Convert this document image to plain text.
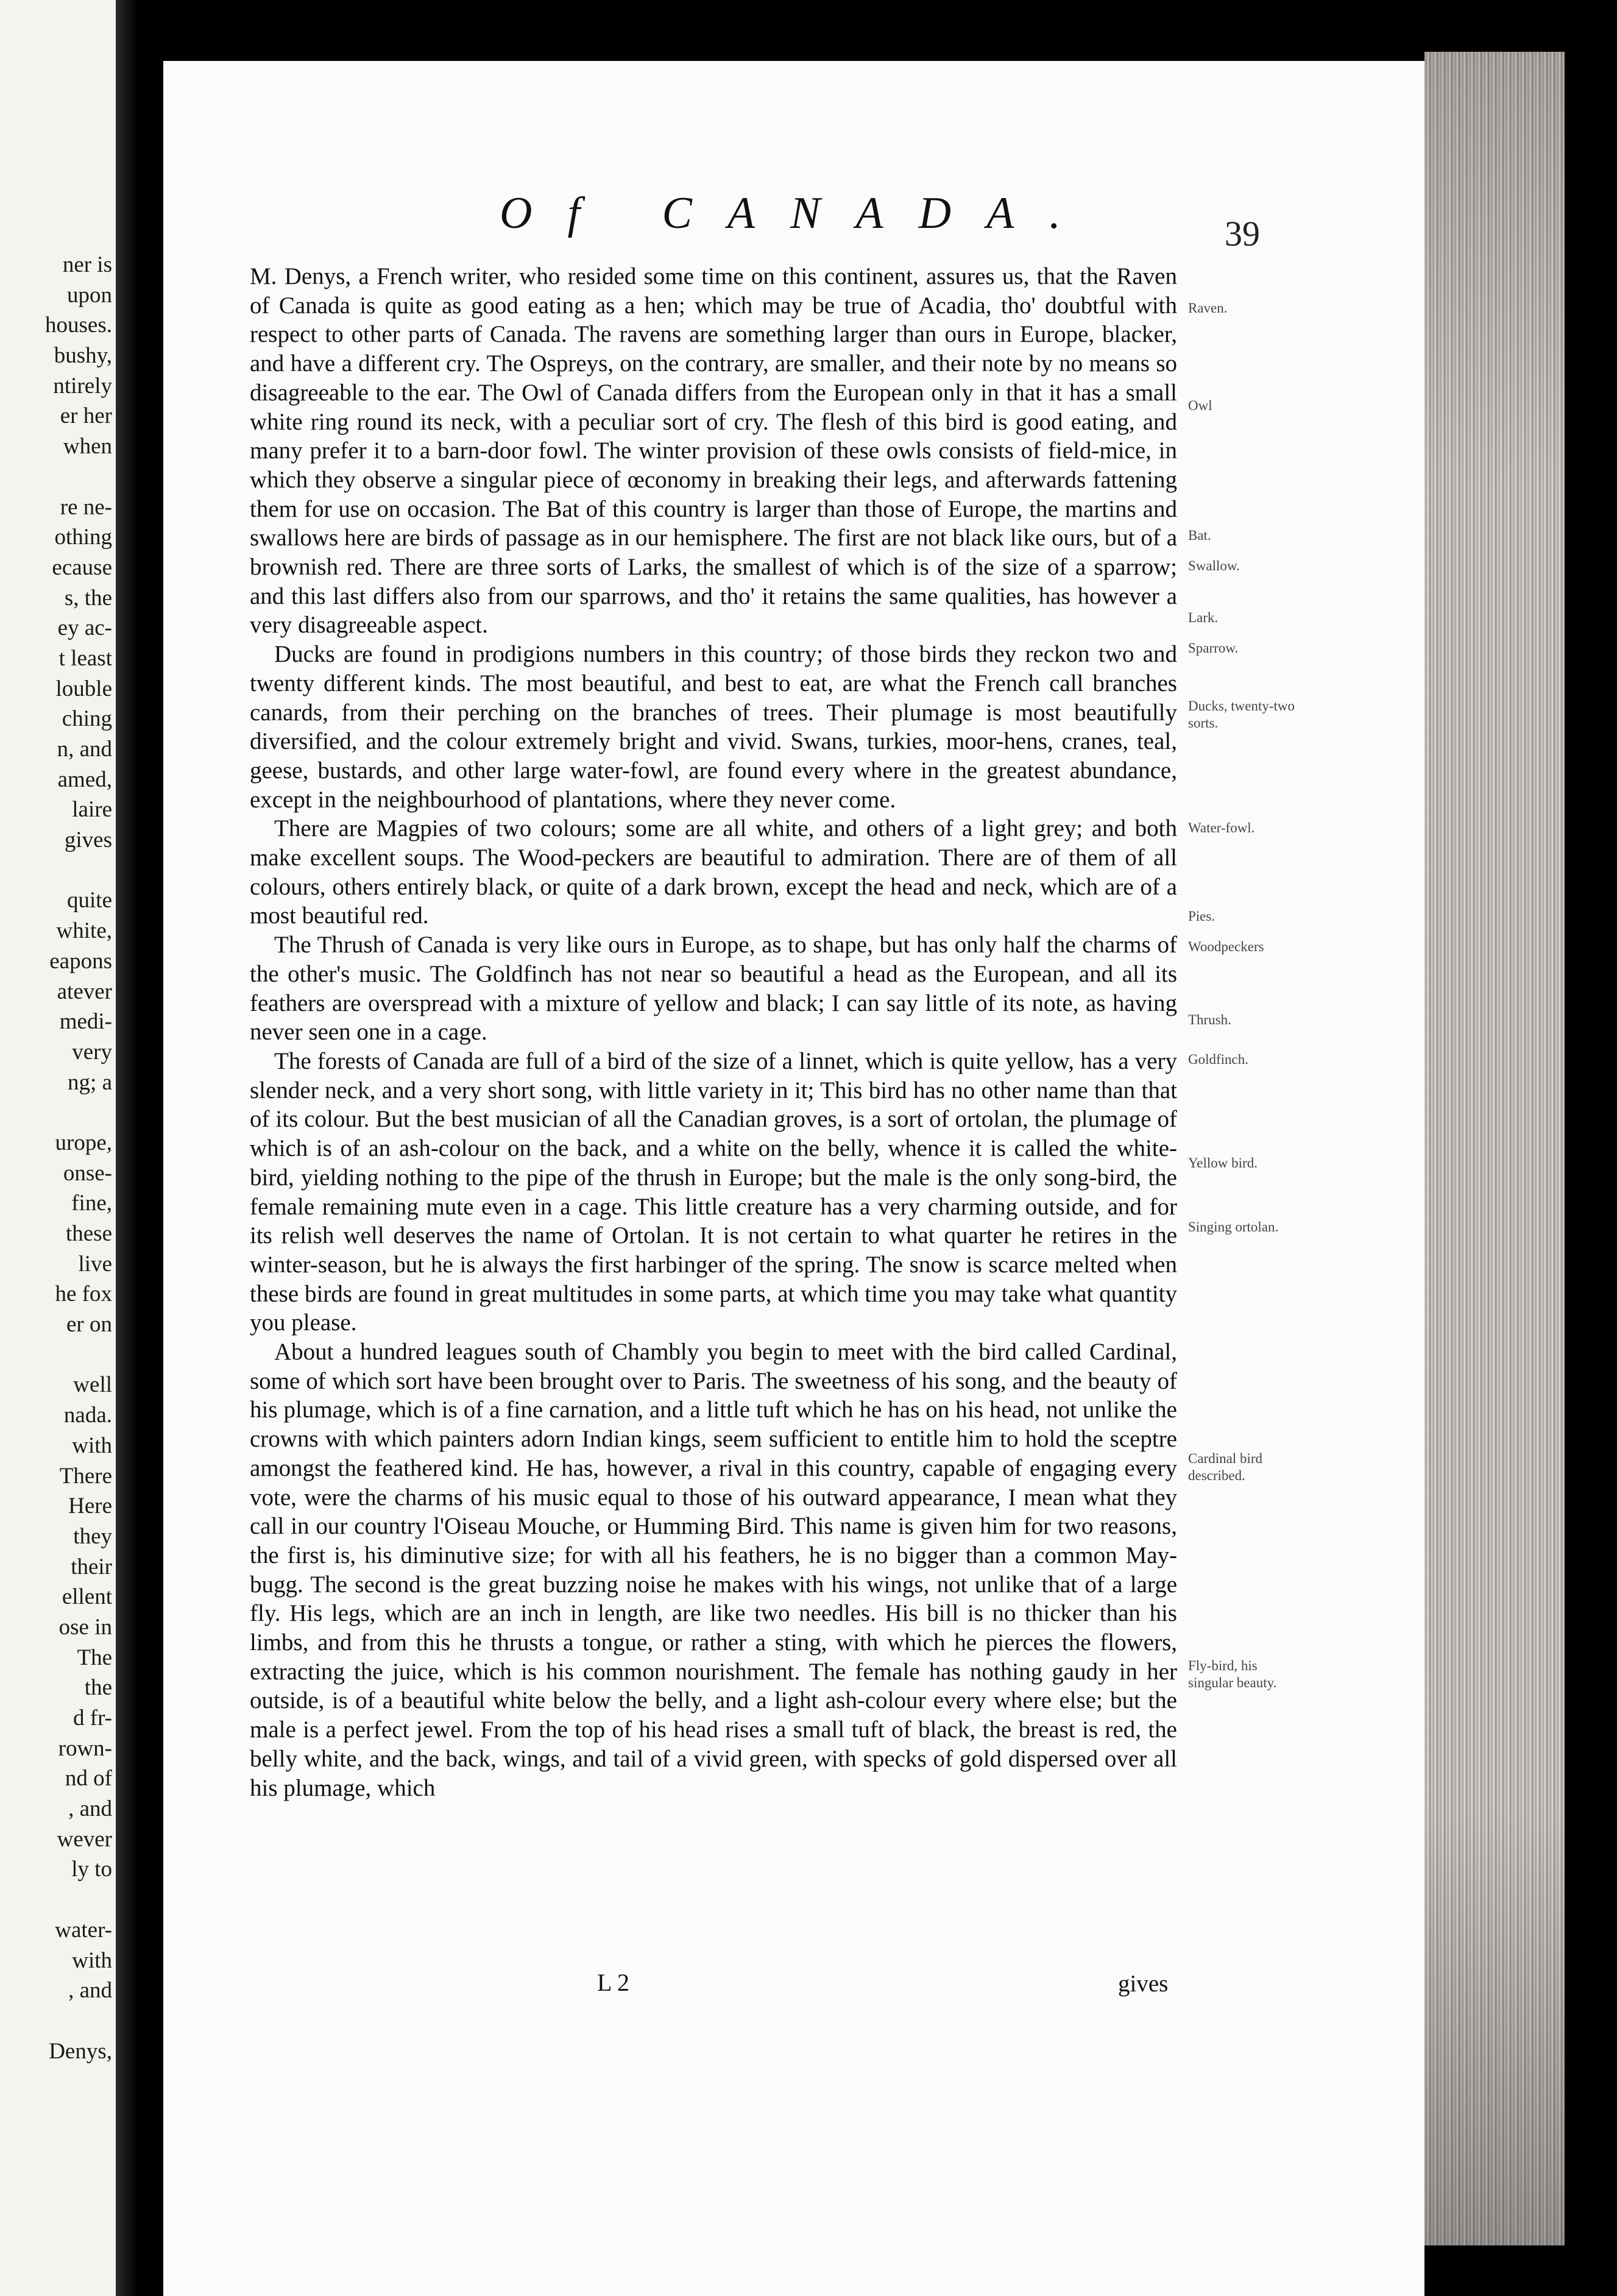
ner is
upon
houses.
bushy,
ntirely
er her
when
re ne-
othing
ecause
s, the
ey ac-
t least
louble
ching
n, and
amed,
laire
gives
quite
white,
eapons
atever
medi-
very
ng; a
urope,
onse-
fine,
these
live
he fox
er on
well
nada.
with
There
Here
they
their
ellent
ose in
The
the
d fr-
rown-
nd of
, and
wever
ly to
water-
with
, and
Denys,
Of CANADA.	39

M. Denys, a French writer, who resided some time on this continent, assures us, that the Raven of Canada is quite as good eating as a hen; which may be true of Acadia, tho' doubtful with respect to other parts of Canada. The ravens are something larger than ours in Europe, blacker, and have a different cry. The Ospreys, on the contrary, are smaller, and their note by no means so disagreeable to the ear. The Owl of Canada differs from the European only in that it has a small white ring round its neck, with a peculiar sort of cry. The flesh of this bird is good eating, and many prefer it to a barn-door fowl. The winter provision of these owls consists of field-mice, in which they observe a singular piece of œconomy in breaking their legs, and afterwards fattening them for use on occasion. The Bat of this country is larger than those of Europe, the martins and swallows here are birds of passage as in our hemisphere. The first are not black like ours, but of a brownish red. There are three sorts of Larks, the smallest of which is of the size of a sparrow; and this last differs also from our sparrows, and tho' it retains the same qualities, has however a very disagreeable aspect.

Ducks are found in prodigions numbers in this country; of those birds they reckon two and twenty different kinds. The most beautiful, and best to eat, are what the French call branches canards, from their perching on the branches of trees. Their plumage is most beautifully diversified, and the colour extremely bright and vivid. Swans, turkies, moor-hens, cranes, teal, geese, bustards, and other large water-fowl, are found every where in the greatest abundance, except in the neighbourhood of plantations, where they never come.

There are Magpies of two colours; some are all white, and others of a light grey; and both make excellent soups. The Wood-peckers are beautiful to admiration. There are of them of all colours, others entirely black, or quite of a dark brown, except the head and neck, which are of a most beautiful red.

The Thrush of Canada is very like ours in Europe, as to shape, but has only half the charms of the other's music. The Goldfinch has not near so beautiful a head as the European, and all its feathers are overspread with a mixture of yellow and black; I can say little of its note, as having never seen one in a cage.

The forests of Canada are full of a bird of the size of a linnet, which is quite yellow, has a very slender neck, and a very short song, with little variety in it; This bird has no other name than that of its colour. But the best musician of all the Canadian groves, is a sort of ortolan, the plumage of which is of an ash-colour on the back, and a white on the belly, whence it is called the white-bird, yielding nothing to the pipe of the thrush in Europe; but the male is the only song-bird, the female remaining mute even in a cage. This little creature has a very charming outside, and for its relish well deserves the name of Ortolan. It is not certain to what quarter he retires in the winter-season, but he is always the first harbinger of the spring. The snow is scarce melted when these birds are found in great multitudes in some parts, at which time you may take what quantity you please.

About a hundred leagues south of Chambly you begin to meet with the bird called Cardinal, some of which sort have been brought over to Paris. The sweetness of his song, and the beauty of his plumage, which is of a fine carnation, and a little tuft which he has on his head, not unlike the crowns with which painters adorn Indian kings, seem sufficient to entitle him to hold the sceptre amongst the feathered kind. He has, however, a rival in this country, capable of engaging every vote, were the charms of his music equal to those of his outward appearance, I mean what they call in our country l'Oiseau Mouche, or Humming Bird. This name is given him for two reasons, the first is, his diminutive size; for with all his feathers, he is no bigger than a common May-bugg. The second is the great buzzing noise he makes with his wings, not unlike that of a large fly. His legs, which are an inch in length, are like two needles. His bill is no thicker than his limbs, and from this he thrusts a tongue, or rather a sting, with which he pierces the flowers, extracting the juice, which is his common nourishment. The female has nothing gaudy in her outside, is of a beautiful white below the belly, and a light ash-colour every where else; but the male is a perfect jewel. From the top of his head rises a small tuft of black, the breast is red, the belly white, and the back, wings, and tail of a vivid green, with specks of gold dispersed over all his plumage, which

Raven.
Owl
Bat.
Swallow.
Lark.
Sparrow.
Ducks, twenty-two sorts.
Water-fowl.
Pies.
Woodpeckers
Thrush.
Goldfinch.
Yellow bird.
Singing ortolan.
Cardinal bird described.
Fly-bird, his singular beauty.
L 2	gives
